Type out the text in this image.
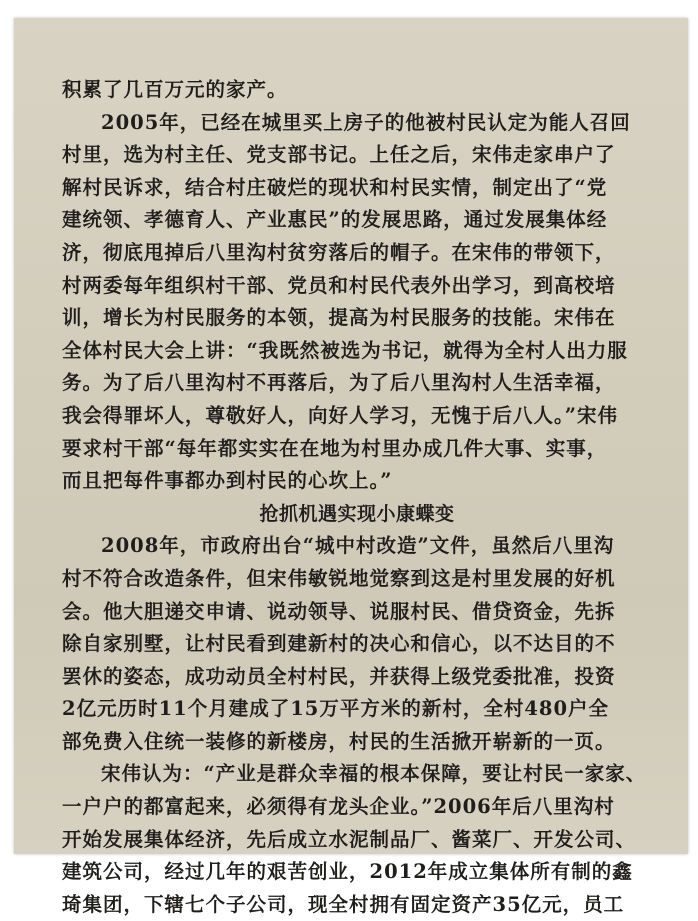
积累了几百万元的家产。
2005年，已经在城里买上房子的他被村民认定为能人召回
村里，选为村主任、党支部书记。上任之后，宋伟走家串户了
解村民诉求，结合村庄破烂的现状和村民实情，制定出了“党
建统领、孝德育人、产业惠民”的发展思路，通过发展集体经
济，彻底甩掉后八里沟村贫穷落后的帽子。在宋伟的带领下，
村两委每年组织村干部、党员和村民代表外出学习，到高校培
训，增长为村民服务的本领，提高为村民服务的技能。宋伟在
全体村民大会上讲：“我既然被选为书记，就得为全村人出力服
务。为了后八里沟村不再落后，为了后八里沟村人生活幸福，
我会得罪坏人，尊敬好人，向好人学习，无愧于后八人。”宋伟
要求村干部“每年都实实在在地为村里办成几件大事、实事，
而且把每件事都办到村民的心坎上。”
抢抓机遇实现小康蝶变
2008年，市政府出台“城中村改造”文件，虽然后八里沟
村不符合改造条件，但宋伟敏锐地觉察到这是村里发展的好机
会。他大胆递交申请、说动领导、说服村民、借贷资金，先拆
除自家别墅，让村民看到建新村的决心和信心，以不达目的不
罢休的姿态，成功动员全村村民，并获得上级党委批准，投资
2亿元历时11个月建成了15万平方米的新村，全村480户全
部免费入住统一装修的新楼房，村民的生活掀开崭新的一页。
宋伟认为：“产业是群众幸福的根本保障，要让村民一家家、
一户户的都富起来，必须得有龙头企业。”2006年后八里沟村
开始发展集体经济，先后成立水泥制品厂、酱菜厂、开发公司、
建筑公司，经过几年的艰苦创业，2012年成立集体所有制的鑫
琦集团，下辖七个子公司，现全村拥有固定资产35亿元，员工
